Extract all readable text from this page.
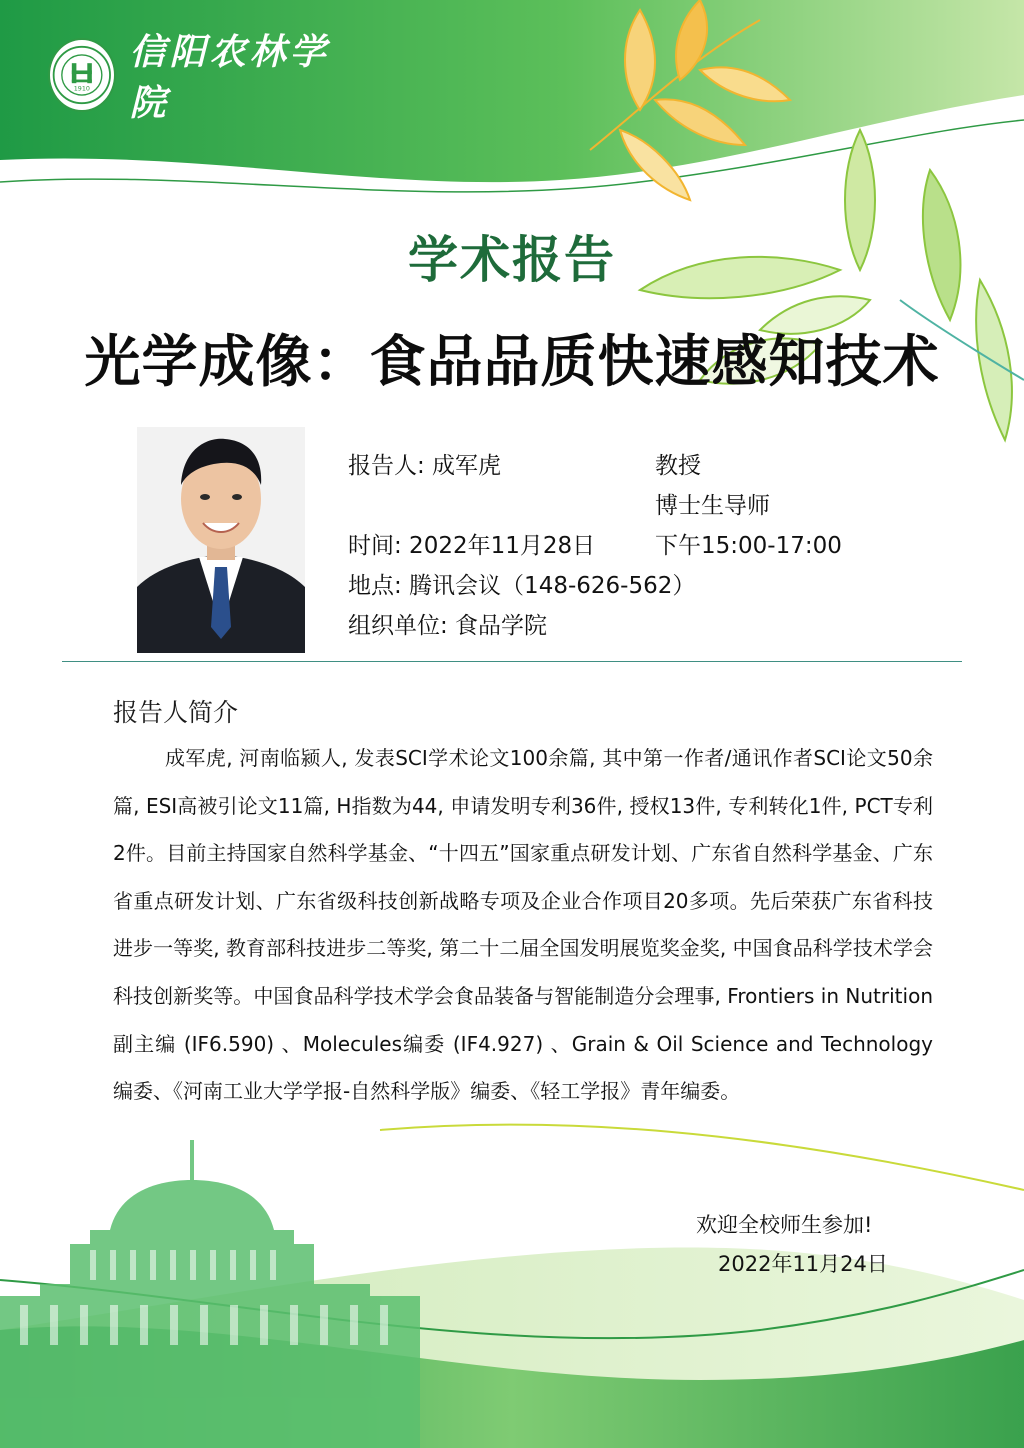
1910
信阳农林学院
学术报告
光学成像：食品品质快速感知技术
报告人: 成军虎	教授
博士生导师
时间: 2022年11月28日	下午15:00-17:00
地点: 腾讯会议（148-626-562）
组织单位: 食品学院
报告人简介
成军虎, 河南临颍人, 发表SCI学术论文100余篇, 其中第一作者/通讯作者SCI论文50余篇, ESI高被引论文11篇, H指数为44, 申请发明专利36件, 授权13件, 专利转化1件, PCT专利2件。目前主持国家自然科学基金、“十四五”国家重点研发计划、广东省自然科学基金、广东省重点研发计划、广东省级科技创新战略专项及企业合作项目20多项。先后荣获广东省科技进步一等奖, 教育部科技进步二等奖, 第二十二届全国发明展览奖金奖, 中国食品科学技术学会科技创新奖等。中国食品科学技术学会食品装备与智能制造分会理事, Frontiers in Nutrition副主编 (IF6.590) 、Molecules编委 (IF4.927) 、Grain & Oil Science and Technology编委、《河南工业大学学报-自然科学版》编委、《轻工学报》青年编委。
欢迎全校师生参加!
2022年11月24日
